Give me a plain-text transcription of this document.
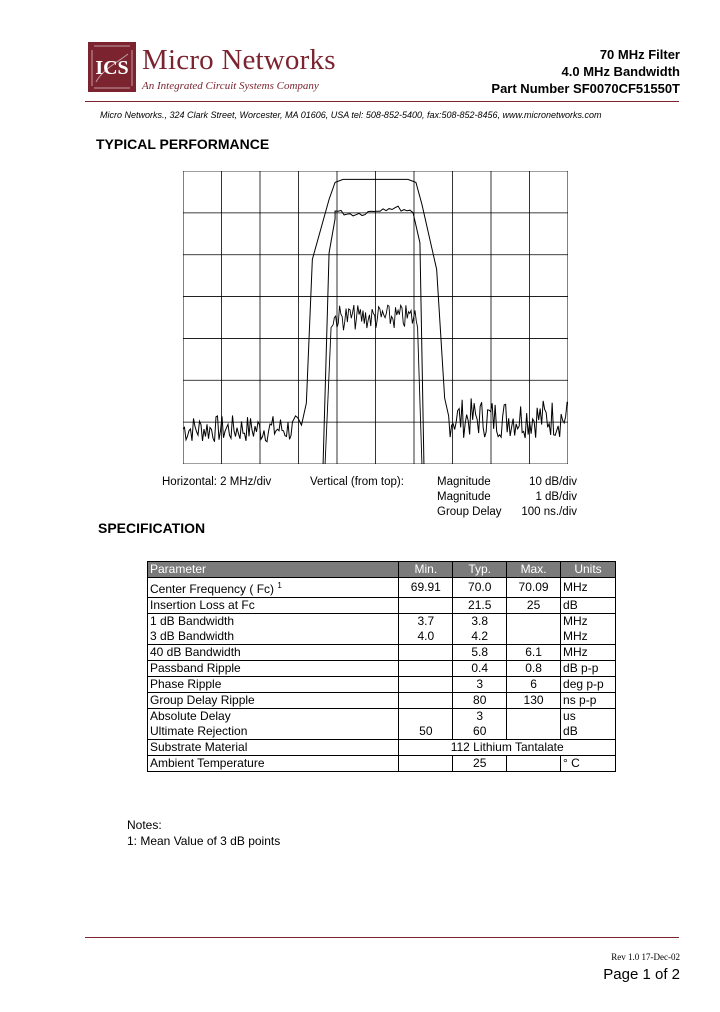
ICS Micro Networks
An Integrated Circuit Systems Company
70 MHz Filter
4.0 MHz Bandwidth
Part Number SF0070CF51550T
Micro Networks., 324 Clark Street, Worcester, MA 01606, USA tel: 508-852-5400, fax:508-852-8456, www.micronetworks.com
TYPICAL PERFORMANCE
Horizontal: 2 MHz/div	Vertical (from top):	Magnitude
Magnitude
Group Delay
10 dB/div
1 dB/div
100 ns./div
SPECIFICATION
Parameter	Min.	Typ.	Max.	Units
Center Frequency ( Fc) $^1$	69.91	70.0	70.09	MHz
Insertion Loss at Fc		21.5	25	dB
1 dB Bandwidth	3.7	3.8		MHz
3 dB Bandwidth	4.0	4.2		MHz
40 dB Bandwidth		5.8	6.1	MHz
Passband Ripple		0.4	0.8	dB p-p
Phase Ripple		3	6	deg p-p
Group Delay Ripple		80	130	ns p-p
Absolute Delay		3		us
Ultimate Rejection	50	60		dB
Substrate Material	112 Lithium Tantalate			
Ambient Temperature		25		° C
Notes:
1: Mean Value of 3 dB points
Rev 1.0 17-Dec-02
Page 1 of 2
